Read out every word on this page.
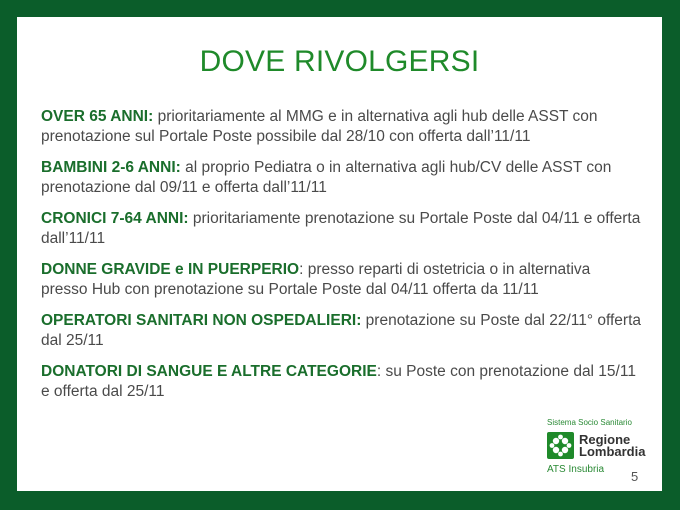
DOVE RIVOLGERSI
OVER 65 ANNI: prioritariamente al MMG e in alternativa agli hub delle ASST con prenotazione sul Portale Poste possibile dal 28/10 con offerta dall’11/11
BAMBINI 2-6 ANNI: al proprio Pediatra o in alternativa agli hub/CV delle ASST con prenotazione dal 09/11 e offerta dall’11/11
CRONICI 7-64 ANNI: prioritariamente prenotazione su Portale Poste dal 04/11 e offerta dall’11/11
DONNE GRAVIDE e IN PUERPERIO: presso reparti di ostetricia o in alternativa presso Hub con prenotazione su Portale Poste dal 04/11 offerta da 11/11
OPERATORI SANITARI NON OSPEDALIERI: prenotazione su Poste dal 22/11° offerta dal 25/11
DONATORI DI SANGUE E ALTRE CATEGORIE: su Poste con prenotazione dal 15/11 e offerta dal 25/11
Sistema Socio Sanitario
Regione
Lombardia
ATS Insubria	5
